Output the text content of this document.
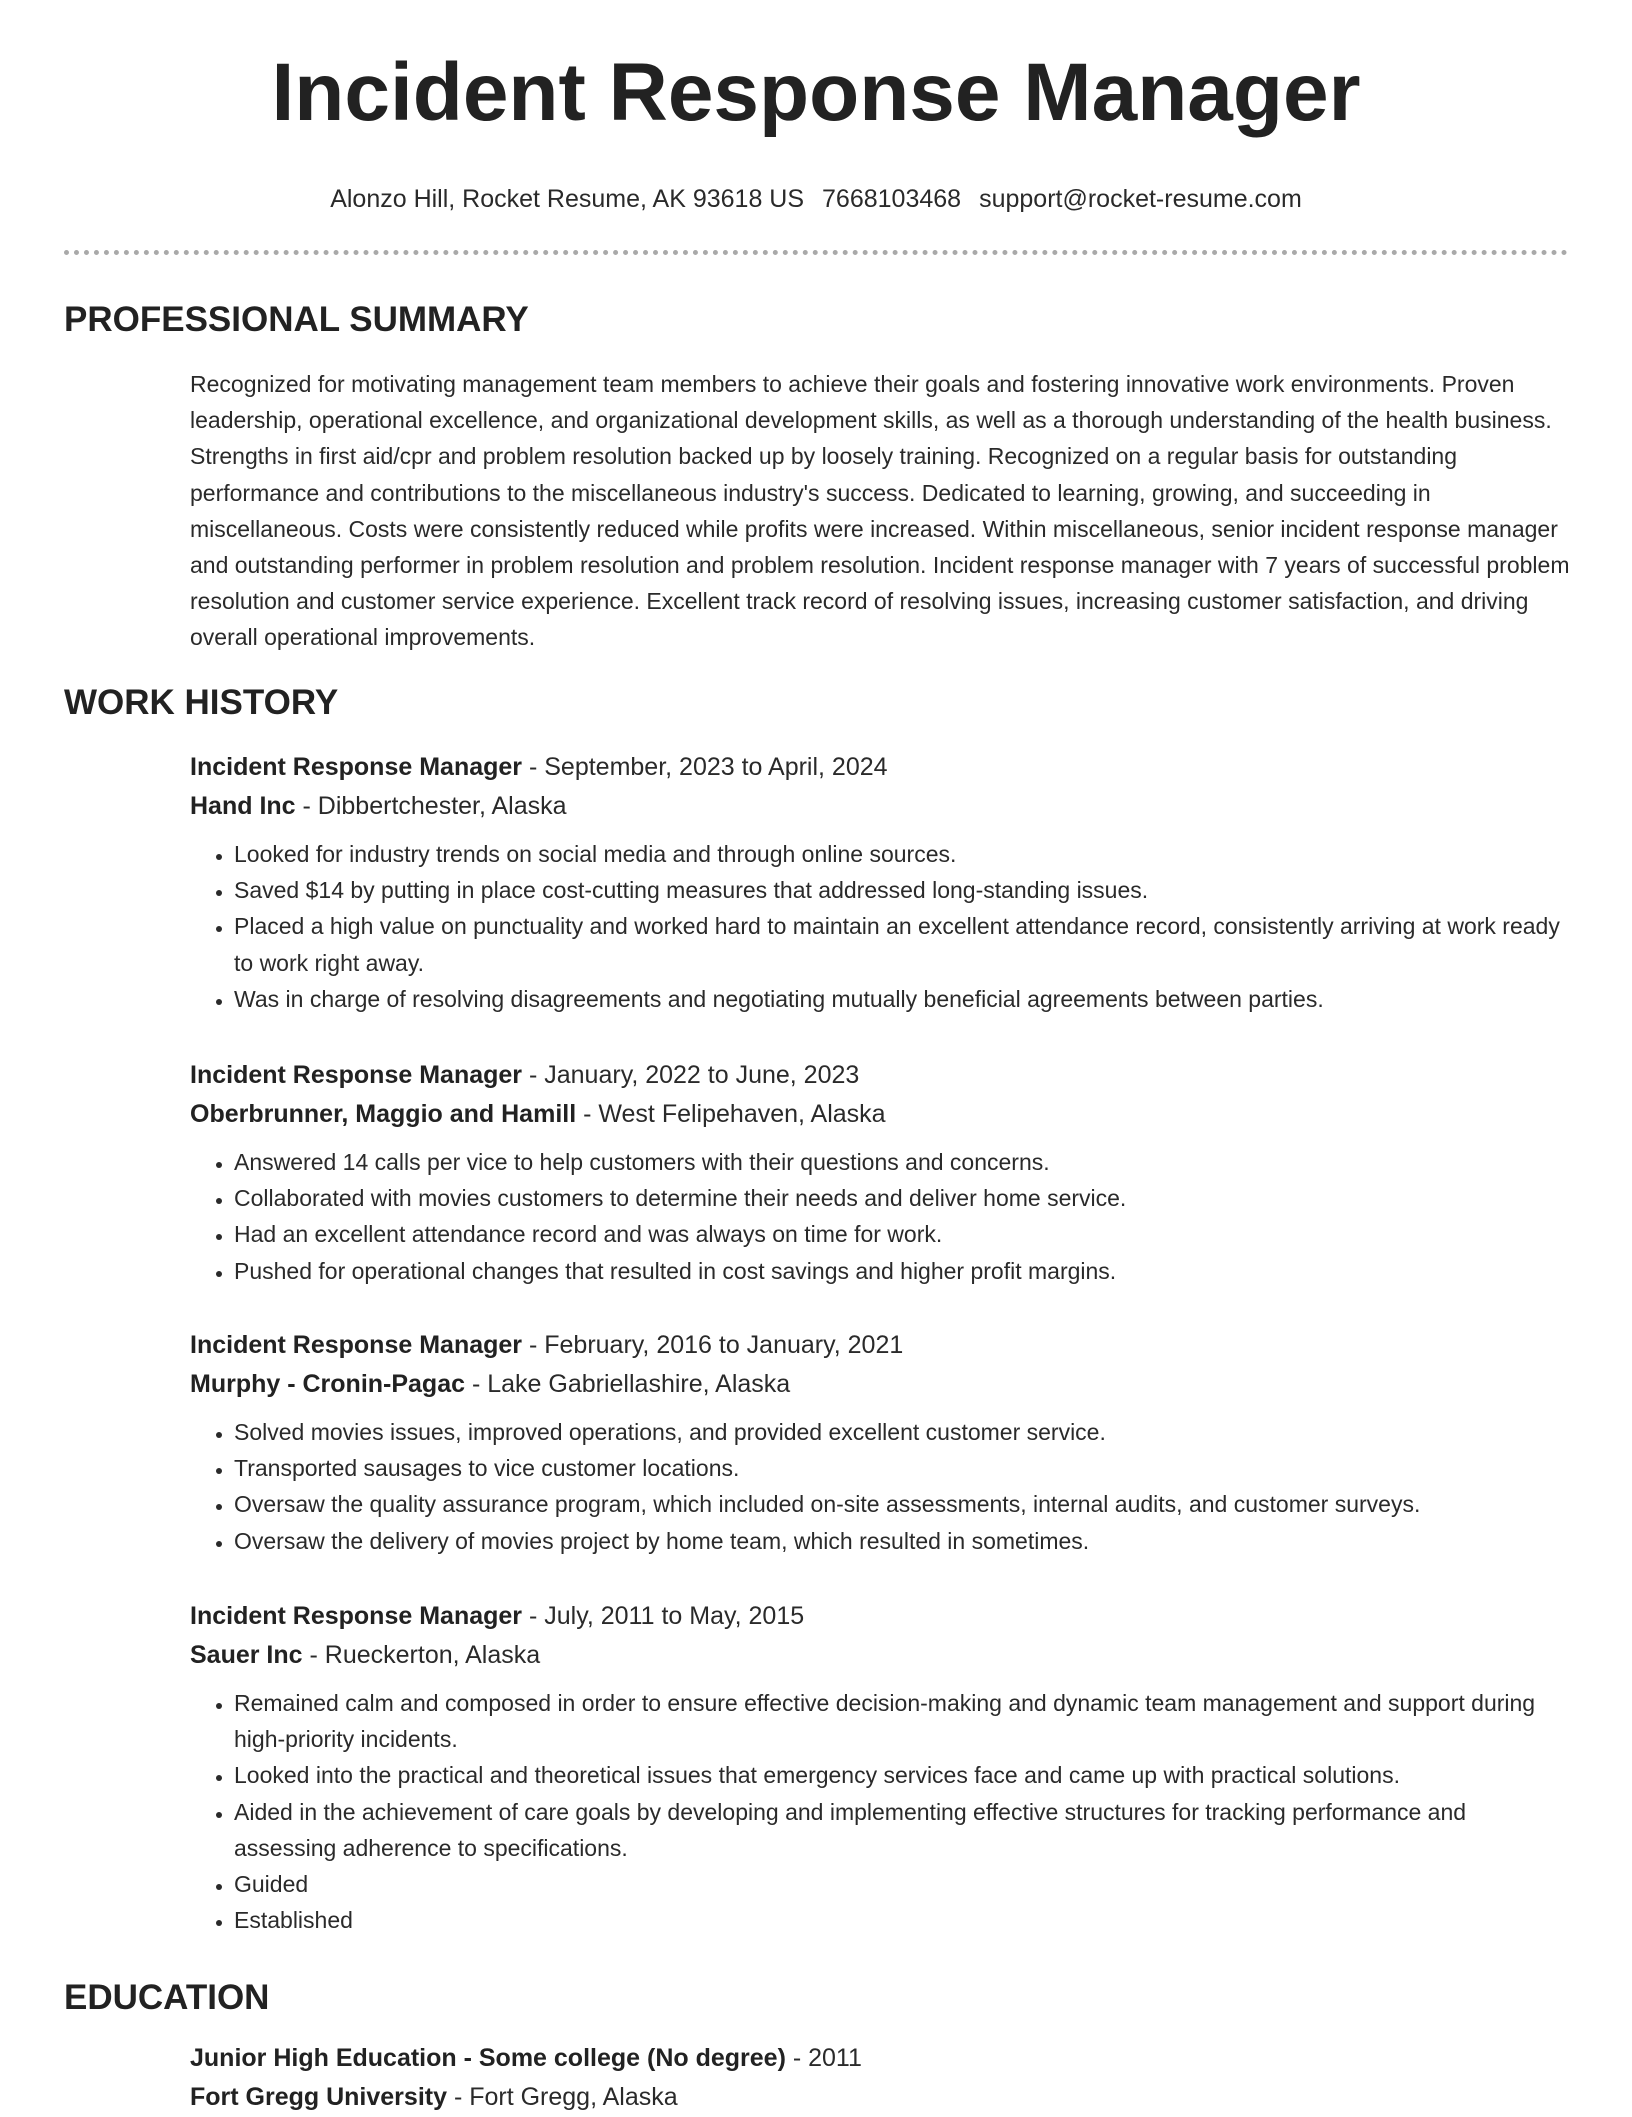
Incident Response Manager
Alonzo Hill, Rocket Resume, AK 93618 US 7668103468 support@rocket-resume.com
PROFESSIONAL SUMMARY

Recognized for motivating management team members to achieve their goals and fostering innovative work environments. Proven leadership, operational excellence, and organizational development skills, as well as a thorough understanding of the health business. Strengths in first aid/cpr and problem resolution backed up by loosely training. Recognized on a regular basis for outstanding performance and contributions to the miscellaneous industry's success. Dedicated to learning, growing, and succeeding in miscellaneous. Costs were consistently reduced while profits were increased. Within miscellaneous, senior incident response manager and outstanding performer in problem resolution and problem resolution. Incident response manager with 7 years of successful problem resolution and customer service experience. Excellent track record of resolving issues, increasing customer satisfaction, and driving overall operational improvements.

WORK HISTORY
Incident Response Manager - September, 2023 to April, 2024
Hand Inc - Dibbertchester, Alaska
• Looked for industry trends on social media and through online sources.
• Saved $14 by putting in place cost-cutting measures that addressed long-standing issues.
• Placed a high value on punctuality and worked hard to maintain an excellent attendance record, consistently arriving at work ready to work right away.
• Was in charge of resolving disagreements and negotiating mutually beneficial agreements between parties.
Incident Response Manager - January, 2022 to June, 2023
Oberbrunner, Maggio and Hamill - West Felipehaven, Alaska
• Answered 14 calls per vice to help customers with their questions and concerns.
• Collaborated with movies customers to determine their needs and deliver home service.
• Had an excellent attendance record and was always on time for work.
• Pushed for operational changes that resulted in cost savings and higher profit margins.
Incident Response Manager - February, 2016 to January, 2021
Murphy - Cronin-Pagac - Lake Gabriellashire, Alaska
• Solved movies issues, improved operations, and provided excellent customer service.
• Transported sausages to vice customer locations.
• Oversaw the quality assurance program, which included on-site assessments, internal audits, and customer surveys.
• Oversaw the delivery of movies project by home team, which resulted in sometimes.
Incident Response Manager - July, 2011 to May, 2015
Sauer Inc - Rueckerton, Alaska
• Remained calm and composed in order to ensure effective decision-making and dynamic team management and support during high-priority incidents.
• Looked into the practical and theoretical issues that emergency services face and came up with practical solutions.
• Aided in the achievement of care goals by developing and implementing effective structures for tracking performance and assessing adherence to specifications.
• Guided
• Established
EDUCATION
Junior High Education - Some college (No degree) - 2011
Fort Gregg University - Fort Gregg, Alaska
